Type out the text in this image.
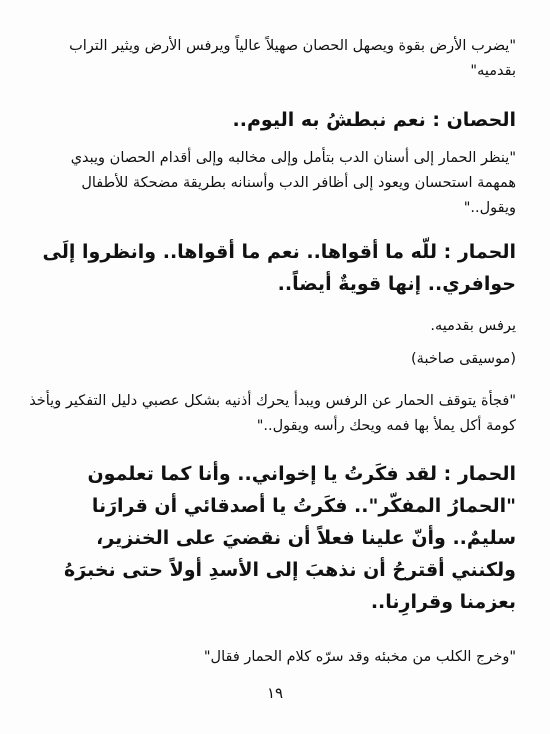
"يضرب الأرض بقوة ويصهل الحصان صهيلاً عالياً ويرفس الأرض ويثير التراب بقدميه"

الحصان : نعم نبطشُ به اليوم..

"ينظر الحمار إلى أسنان الدب بتأمل وإلى مخالبه وإلى أقدام الحصان ويبدي همهمة استحسان ويعود إلى أظافر الدب وأسنانه بطريقة مضحكة للأطفال ويقول.."

الحمار : للّه ما أقواها.. نعم ما أقواها.. وانظروا إلَى حوافري.. إنها قويةٌ أيضاً..

يرفس بقدميه.

(موسيقى صاخبة)

"فجأة يتوقف الحمار عن الرفس ويبدأ يحرك أذنيه بشكل عصبي دليل التفكير ويأخذ كومة أكل يملأ بها فمه ويحك رأسه ويقول.."

الحمار : لقد فكَرتُ يا إخواني.. وأنا كما تعلمون "الحمارُ المفكّر".. فكَرتُ يا أصدقائي أن قرارَنا سليمٌ.. وأنّ علينا فعلاً أن نقضيَ على الخنزير، ولكنني أقترحُ أن نذهبَ إلى الأسدِ أولاً حتى نخبرَهُ بعزمنا وقرارِنا..

"وخرج الكلب من مخبئه وقد سرّه كلام الحمار فقال"

١٩
